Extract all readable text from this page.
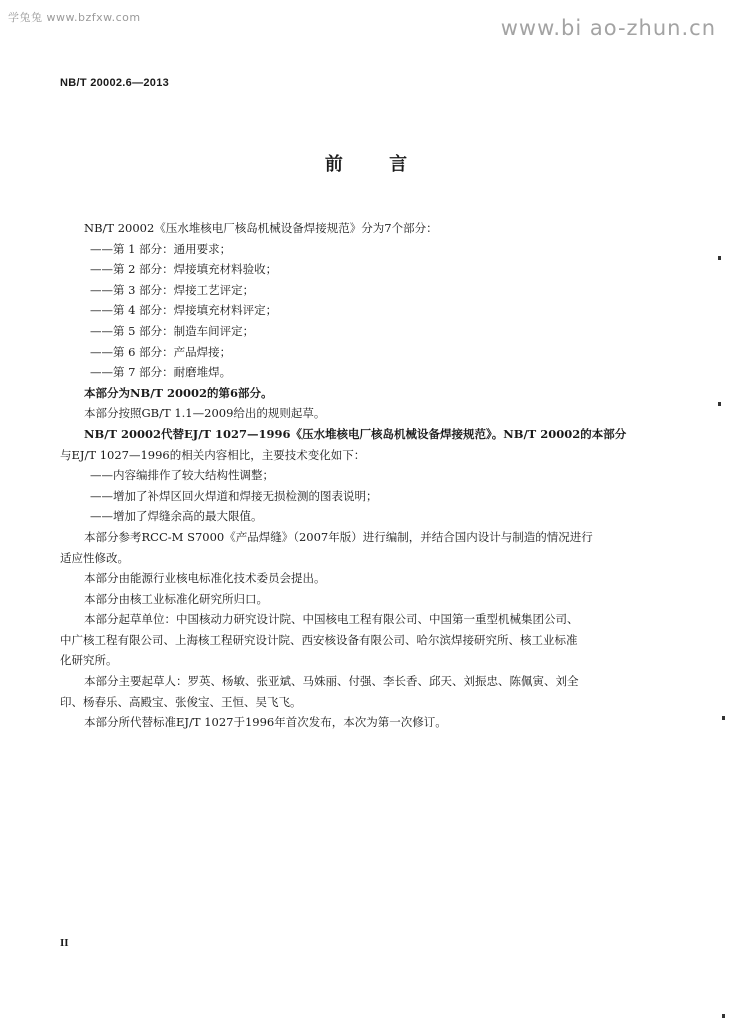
学兔兔 www.bzfxw.com	www.bi ao-zhun.cn
NB/T 20002.6—2013
前 言
NB/T 20002《压水堆核电厂核岛机械设备焊接规范》分为7个部分：
——第 1 部分：通用要求；
——第 2 部分：焊接填充材料验收；
——第 3 部分：焊接工艺评定；
——第 4 部分：焊接填充材料评定；
——第 5 部分：制造车间评定；
——第 6 部分：产品焊接；
——第 7 部分：耐磨堆焊。
本部分为NB/T 20002的第6部分。
本部分按照GB/T 1.1—2009给出的规则起草。
NB/T 20002代替EJ/T 1027—1996《压水堆核电厂核岛机械设备焊接规范》。NB/T 20002的本部分
与EJ/T 1027—1996的相关内容相比，主要技术变化如下：
——内容编排作了较大结构性调整；
——增加了补焊区回火焊道和焊接无损检测的图表说明；
——增加了焊缝余高的最大限值。
本部分参考RCC-M S7000《产品焊缝》（2007年版）进行编制，并结合国内设计与制造的情况进行
适应性修改。
本部分由能源行业核电标准化技术委员会提出。
本部分由核工业标准化研究所归口。
本部分起草单位：中国核动力研究设计院、中国核电工程有限公司、中国第一重型机械集团公司、
中广核工程有限公司、上海核工程研究设计院、西安核设备有限公司、哈尔滨焊接研究所、核工业标准
化研究所。
本部分主要起草人：罗英、杨敏、张亚斌、马姝丽、付强、李长香、邱天、刘振忠、陈佩寅、刘全
印、杨春乐、高殿宝、张俊宝、王恒、吴飞飞。
本部分所代替标准EJ/T 1027于1996年首次发布，本次为第一次修订。
II
